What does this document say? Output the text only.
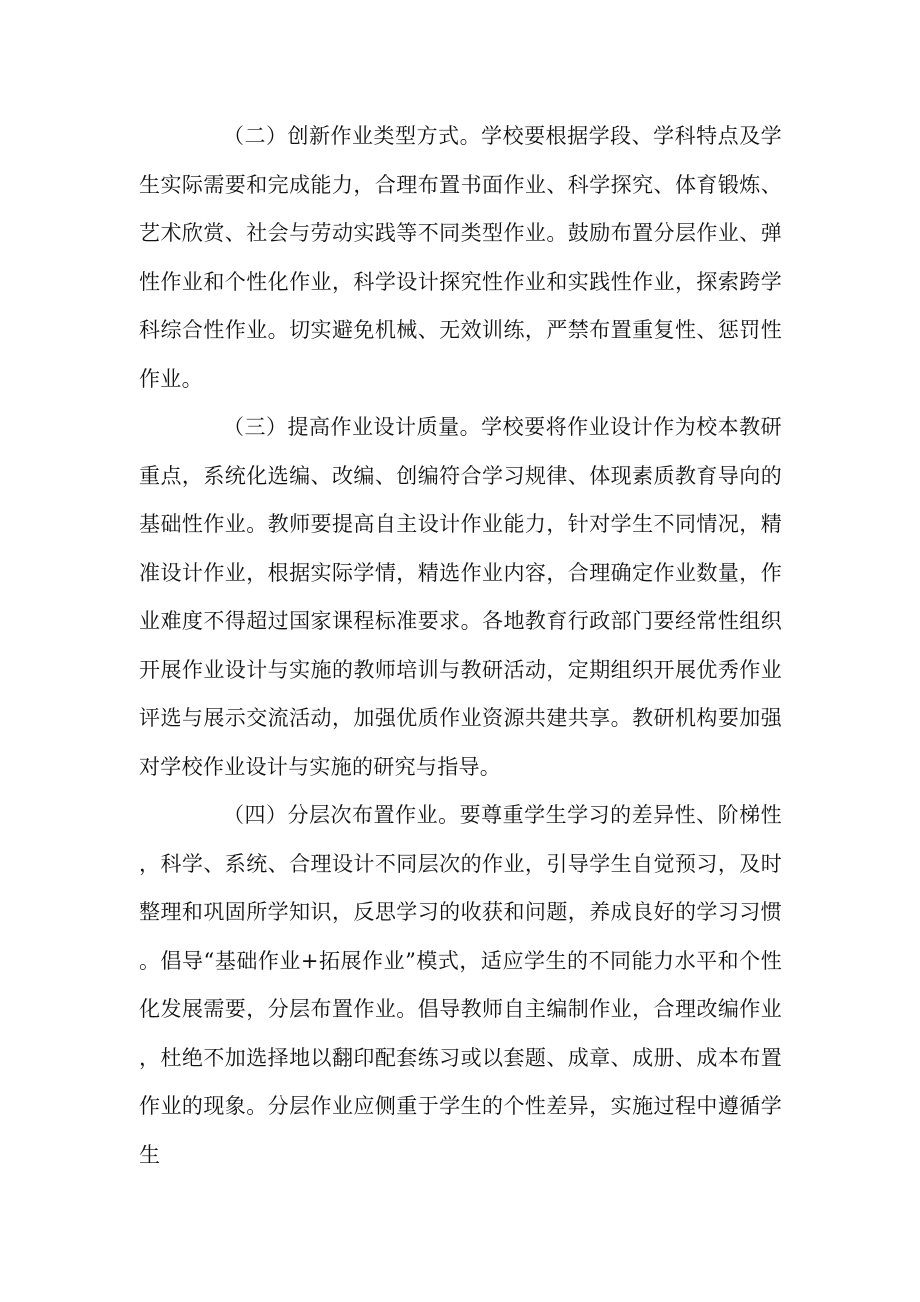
（二）创新作业类型方式。学校要根据学段、学科特点及学生实际需要和完成能力，合理布置书面作业、科学探究、体育锻炼、艺术欣赏、社会与劳动实践等不同类型作业。鼓励布置分层作业、弹性作业和个性化作业，科学设计探究性作业和实践性作业，探索跨学科综合性作业。切实避免机械、无效训练，严禁布置重复性、惩罚性作业。

（三）提高作业设计质量。学校要将作业设计作为校本教研重点，系统化选编、改编、创编符合学习规律、体现素质教育导向的基础性作业。教师要提高自主设计作业能力，针对学生不同情况，精准设计作业，根据实际学情，精选作业内容，合理确定作业数量，作业难度不得超过国家课程标准要求。各地教育行政部门要经常性组织开展作业设计与实施的教师培训与教研活动，定期组织开展优秀作业评选与展示交流活动，加强优质作业资源共建共享。教研机构要加强对学校作业设计与实施的研究与指导。

（四）分层次布置作业。要尊重学生学习的差异性、阶梯性，科学、系统、合理设计不同层次的作业，引导学生自觉预习，及时整理和巩固所学知识，反思学习的收获和问题，养成良好的学习习惯。倡导“基础作业+拓展作业”模式，适应学生的不同能力水平和个性化发展需要，分层布置作业。倡导教师自主编制作业，合理改编作业，杜绝不加选择地以翻印配套练习或以套题、成章、成册、成本布置作业的现象。分层作业应侧重于学生的个性差异，实施过程中遵循学生
